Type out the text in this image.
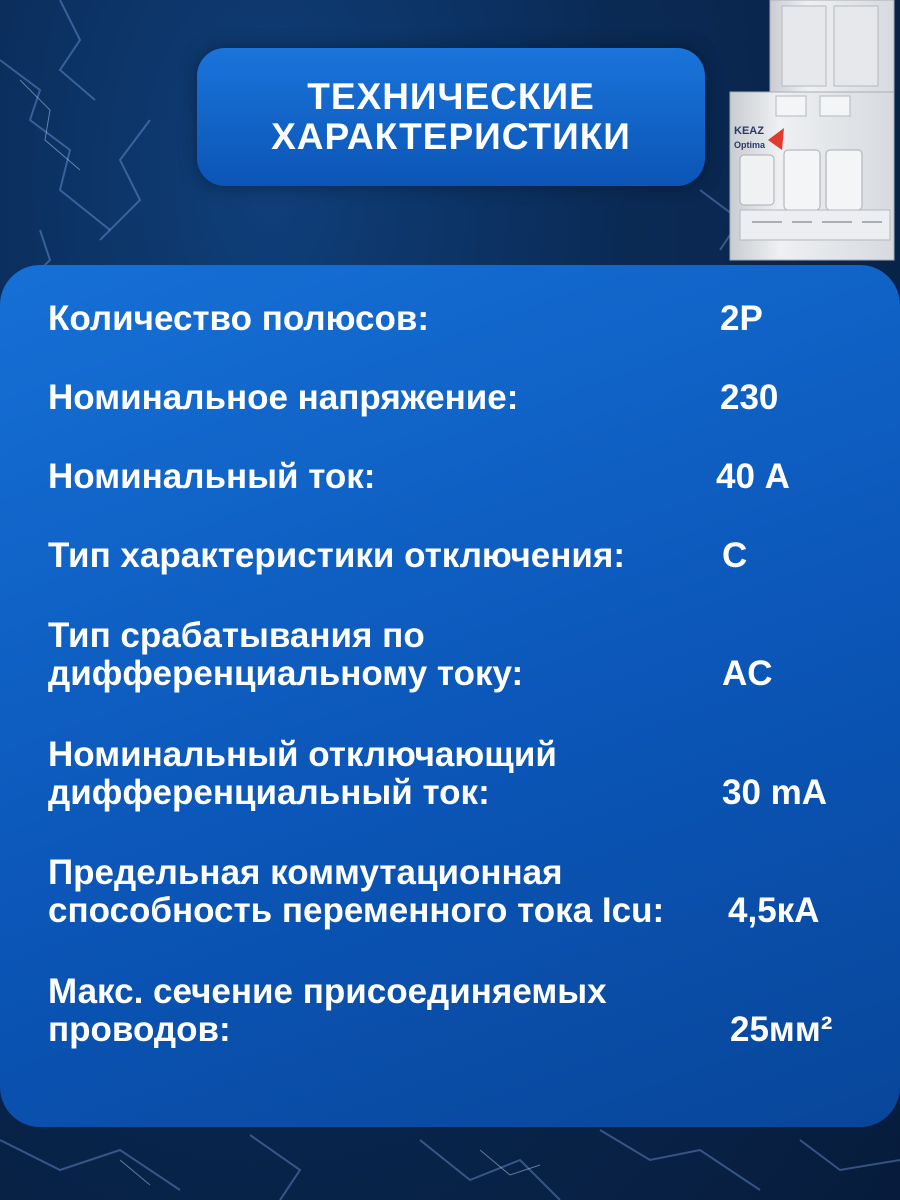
ТЕХНИЧЕСКИЕ
ХАРАКТЕРИСТИКИ	KEAZ
Optima
Количество полюсов:	2P
Номинальное напряжение:	230
Номинальный ток:	40 А
Тип характеристики отключения:	С
Тип срабатывания по
дифференциальному току:	AC
Номинальный отключающий
дифференциальный ток:	30 mA
Предельная коммутационная
способность переменного тока Icu: 4,5кА
Макс. сечение присоединяемых
проводов:	25мм²
